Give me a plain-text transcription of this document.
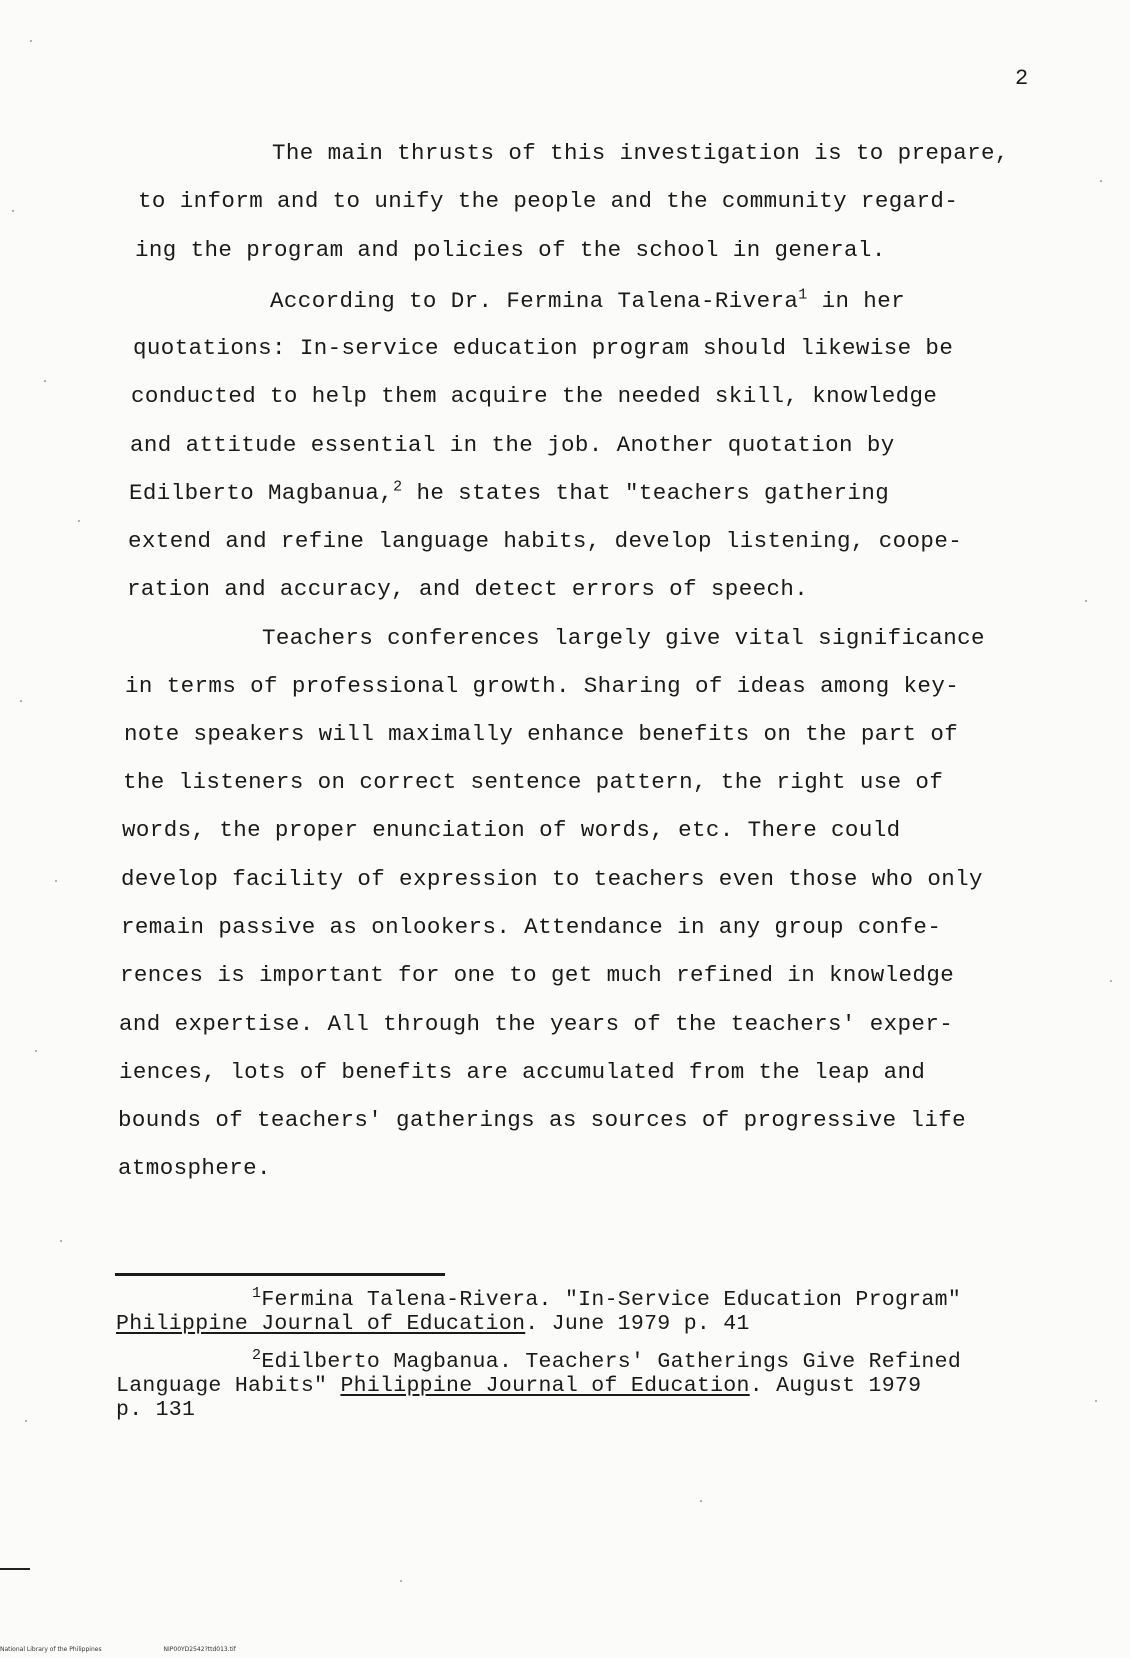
2
The main thrusts of this investigation is to prepare,
to inform and to unify the people and the community regard-
ing the program and policies of the school in general.
According to Dr. Fermina Talena-Rivera$^1$ in her
quotations: In-service education program should likewise be
conducted to help them acquire the needed skill, knowledge
and attitude essential in the job. Another quotation by
Edilberto Magbanua,$^2$ he states that "teachers gathering
extend and refine language habits, develop listening, coope-
ration and accuracy, and detect errors of speech.
Teachers conferences largely give vital significance
in terms of professional growth. Sharing of ideas among key-
note speakers will maximally enhance benefits on the part of
the listeners on correct sentence pattern, the right use of
words, the proper enunciation of words, etc. There could
develop facility of expression to teachers even those who only
remain passive as onlookers. Attendance in any group confe-
rences is important for one to get much refined in knowledge
and expertise. All through the years of the teachers' exper-
iences, lots of benefits are accumulated from the leap and
bounds of teachers' gatherings as sources of progressive life
atmosphere.
$^1$Fermina Talena-Rivera. "In-Service Education Program"
Philippine Journal of Education. June 1979 p. 41
$^2$Edilberto Magbanua. Teachers' Gatherings Give Refined
Language Habits" Philippine Journal of Education. August 1979
p. 131
National Library of the Philippines	NIP00YD2542?ttd013.tif
